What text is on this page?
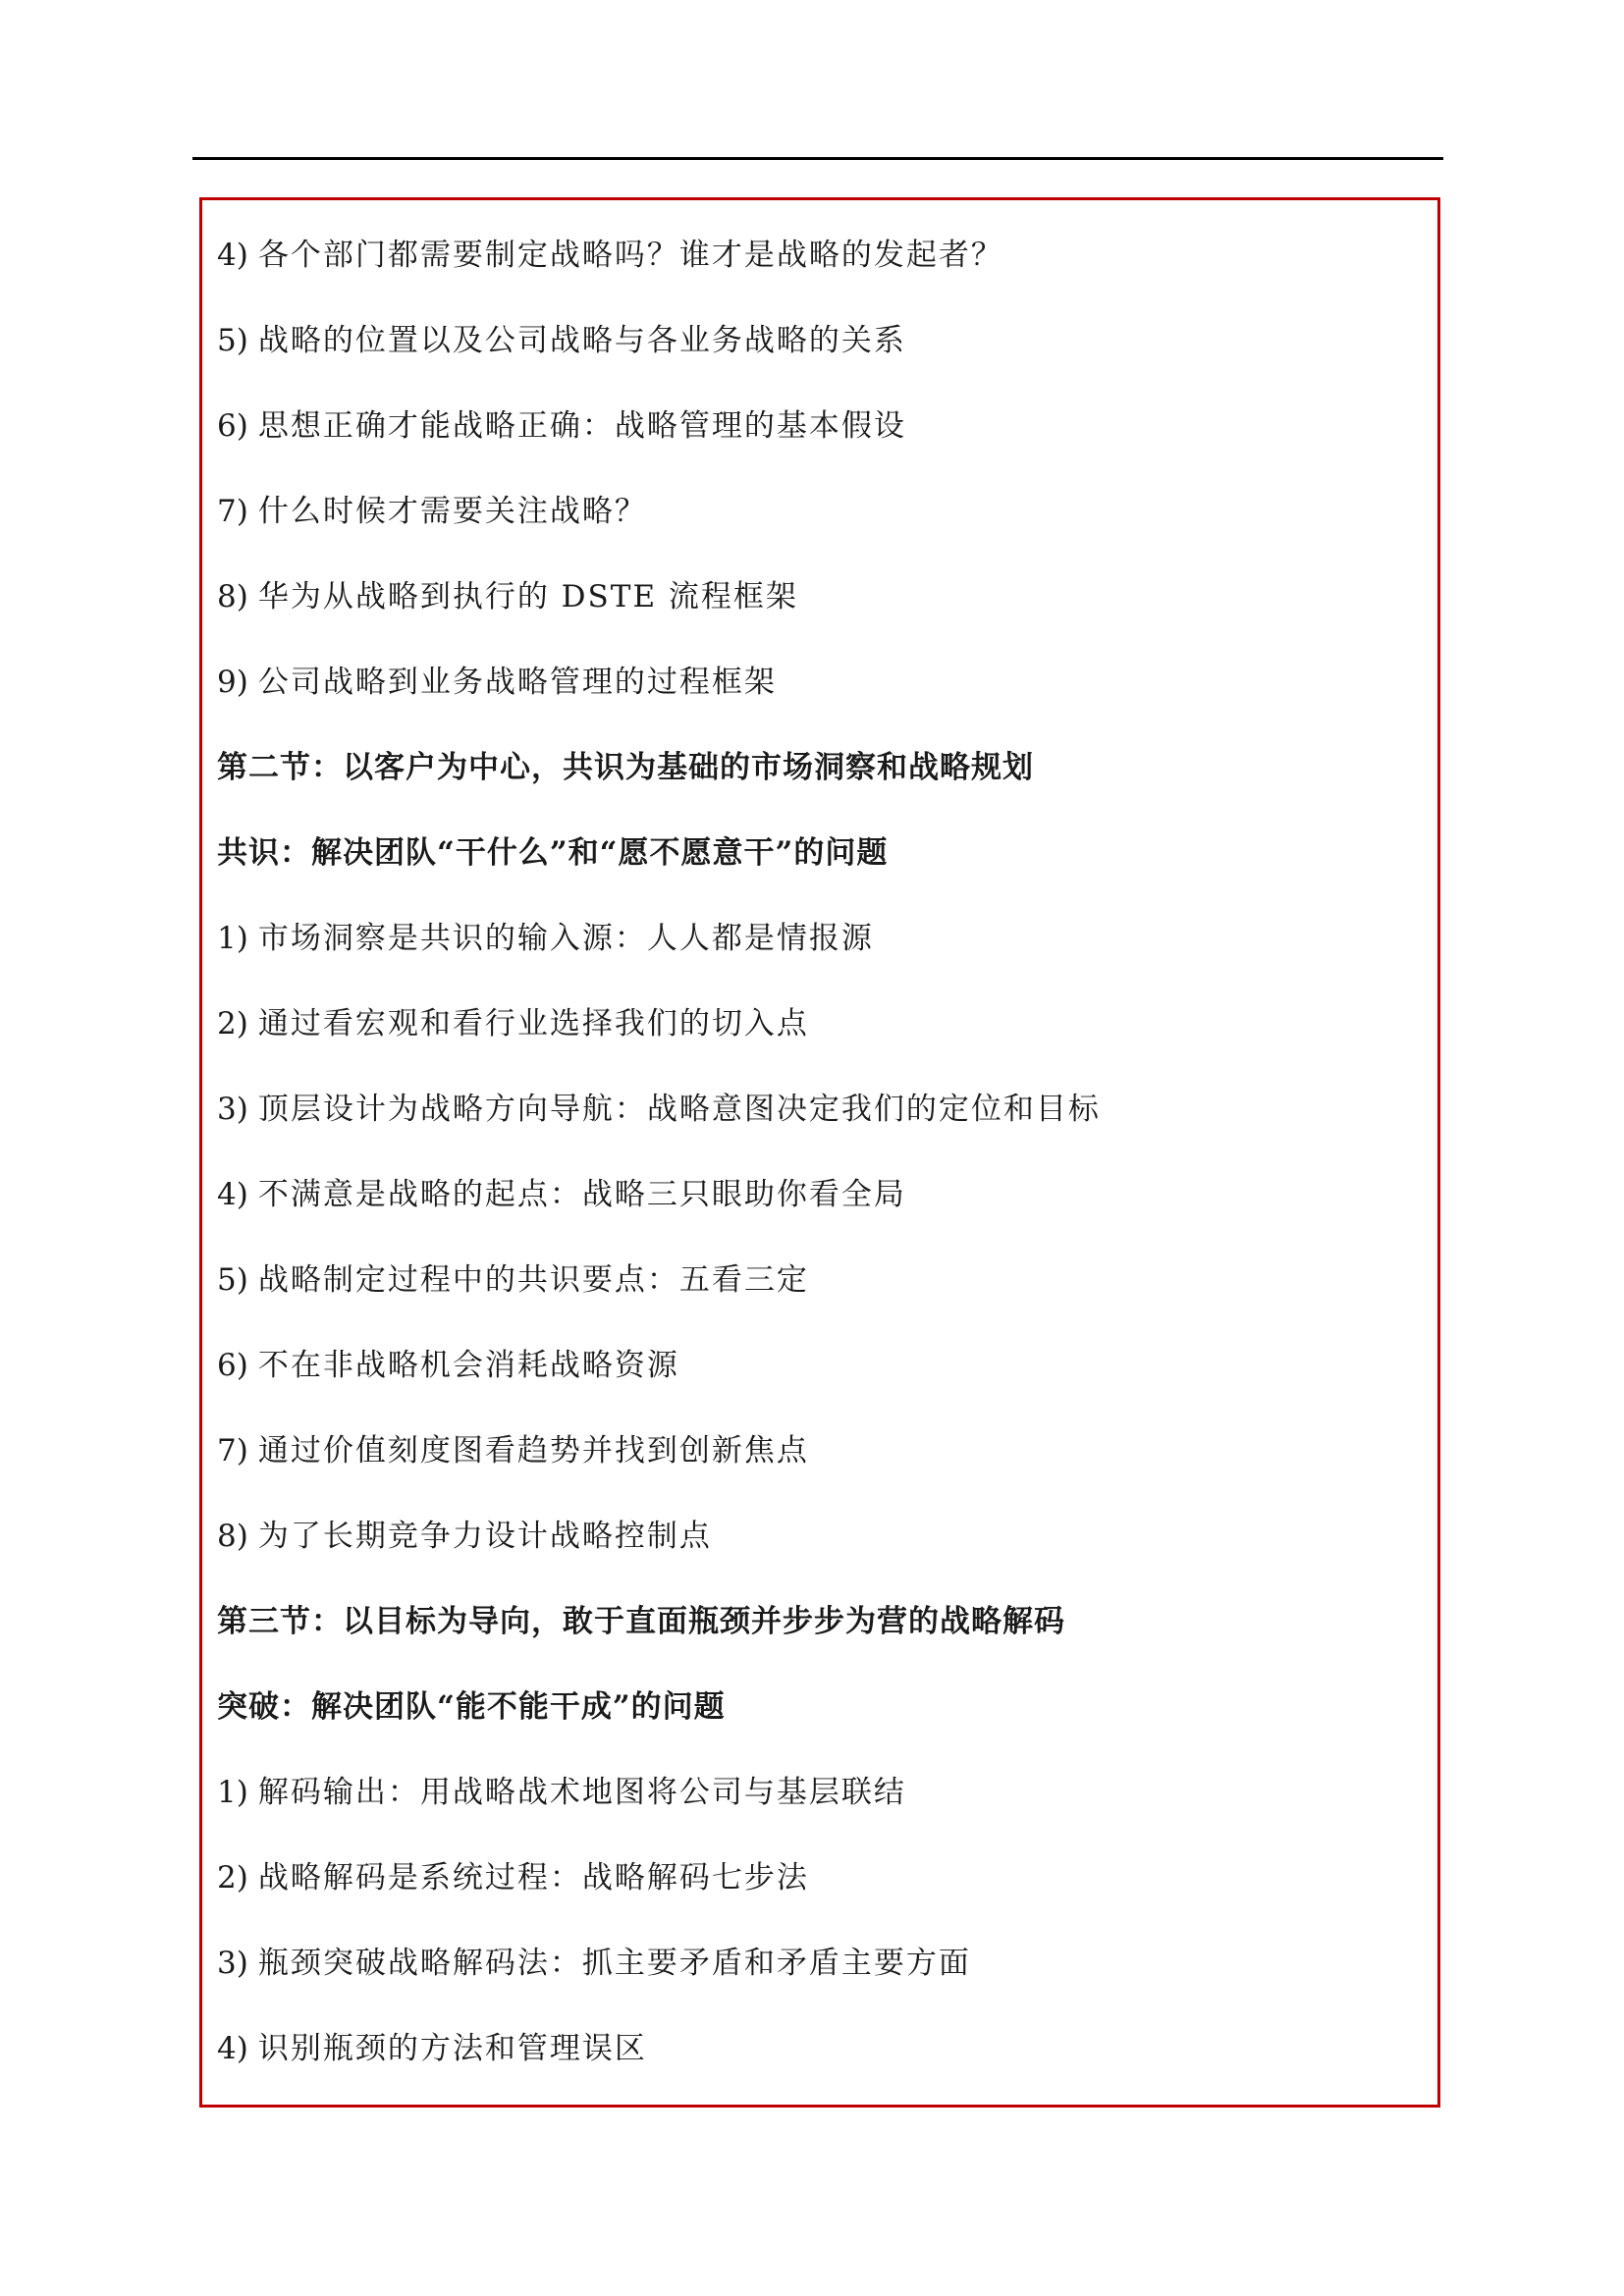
4) 各个部门都需要制定战略吗？谁才是战略的发起者？
5) 战略的位置以及公司战略与各业务战略的关系
6) 思想正确才能战略正确：战略管理的基本假设
7) 什么时候才需要关注战略？
8) 华为从战略到执行的 DSTE 流程框架
9) 公司战略到业务战略管理的过程框架
第二节：以客户为中心，共识为基础的市场洞察和战略规划
共识：解决团队“干什么”和“愿不愿意干”的问题
1) 市场洞察是共识的输入源：人人都是情报源
2) 通过看宏观和看行业选择我们的切入点
3) 顶层设计为战略方向导航：战略意图决定我们的定位和目标
4) 不满意是战略的起点：战略三只眼助你看全局
5) 战略制定过程中的共识要点：五看三定
6) 不在非战略机会消耗战略资源
7) 通过价值刻度图看趋势并找到创新焦点
8) 为了长期竞争力设计战略控制点
第三节：以目标为导向，敢于直面瓶颈并步步为营的战略解码
突破：解决团队“能不能干成”的问题
1) 解码输出：用战略战术地图将公司与基层联结
2) 战略解码是系统过程：战略解码七步法
3) 瓶颈突破战略解码法：抓主要矛盾和矛盾主要方面
4) 识别瓶颈的方法和管理误区
